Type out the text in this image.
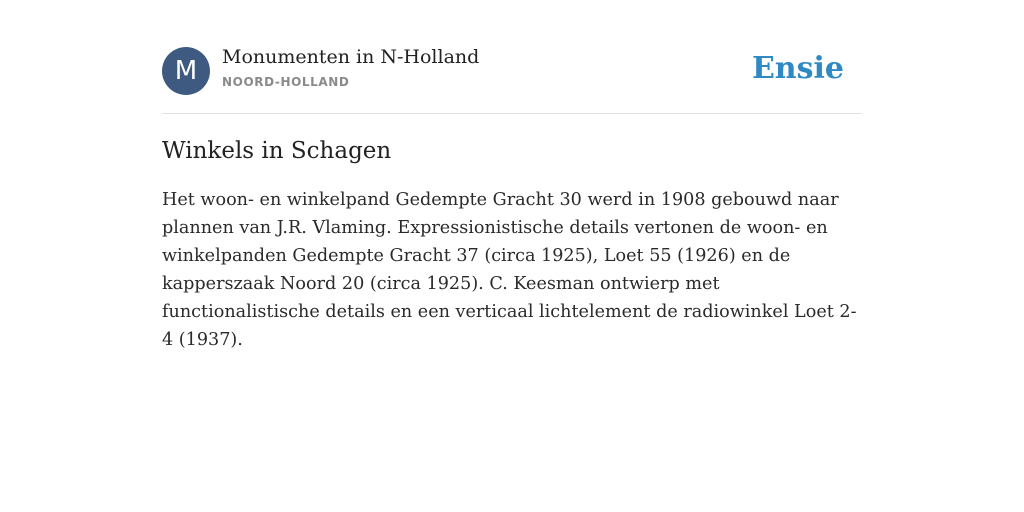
M	Monumenten in N-Holland
NOORD-HOLLAND	Ensie
Winkels in Schagen

Het woon- en winkelpand Gedempte Gracht 30 werd in 1908 gebouwd naar plannen van J.R. Vlaming. Expressionistische details vertonen de woon- en winkelpanden Gedempte Gracht 37 (circa 1925), Loet 55 (1926) en de kapperszaak Noord 20 (circa 1925). C. Keesman ontwierp met functionalistische details en een verticaal lichtelement de radiowinkel Loet 2-4 (1937).
